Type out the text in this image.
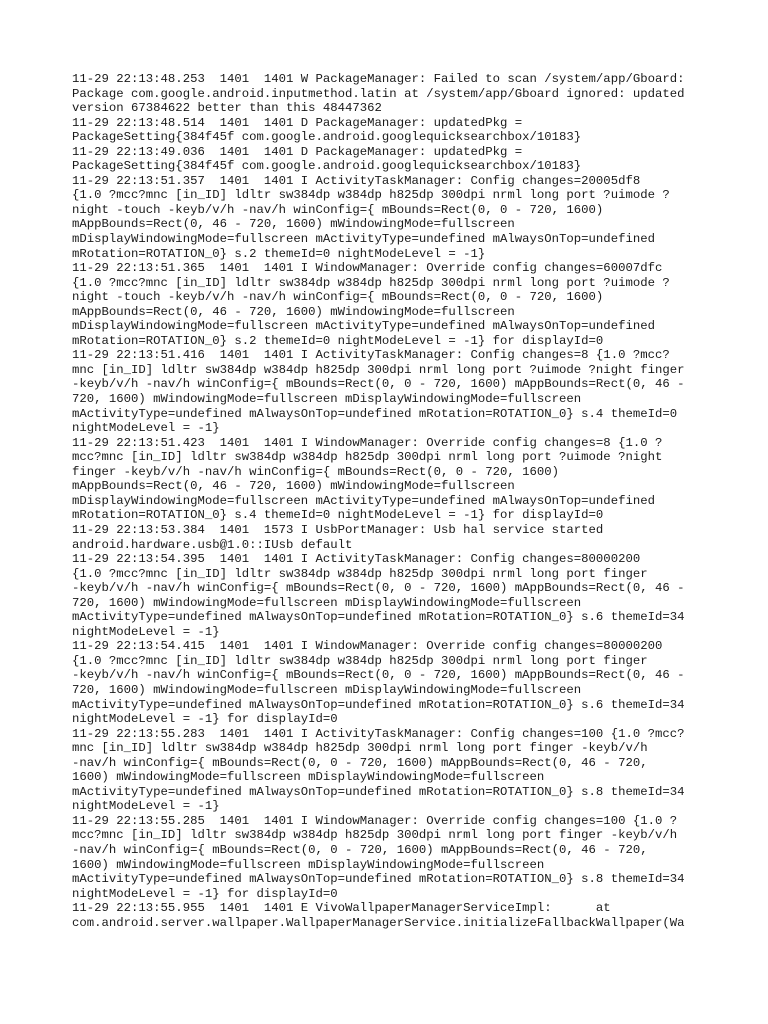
11-29 22:13:48.253  1401  1401 W PackageManager: Failed to scan /system/app/Gboard:
Package com.google.android.inputmethod.latin at /system/app/Gboard ignored: updated
version 67384622 better than this 48447362
11-29 22:13:48.514  1401  1401 D PackageManager: updatedPkg =
PackageSetting{384f45f com.google.android.googlequicksearchbox/10183}
11-29 22:13:49.036  1401  1401 D PackageManager: updatedPkg =
PackageSetting{384f45f com.google.android.googlequicksearchbox/10183}
11-29 22:13:51.357  1401  1401 I ActivityTaskManager: Config changes=20005df8
{1.0 ?mcc?mnc [in_ID] ldltr sw384dp w384dp h825dp 300dpi nrml long port ?uimode ?
night -touch -keyb/v/h -nav/h winConfig={ mBounds=Rect(0, 0 - 720, 1600)
mAppBounds=Rect(0, 46 - 720, 1600) mWindowingMode=fullscreen
mDisplayWindowingMode=fullscreen mActivityType=undefined mAlwaysOnTop=undefined
mRotation=ROTATION_0} s.2 themeId=0 nightModeLevel = -1}
11-29 22:13:51.365  1401  1401 I WindowManager: Override config changes=60007dfc
{1.0 ?mcc?mnc [in_ID] ldltr sw384dp w384dp h825dp 300dpi nrml long port ?uimode ?
night -touch -keyb/v/h -nav/h winConfig={ mBounds=Rect(0, 0 - 720, 1600)
mAppBounds=Rect(0, 46 - 720, 1600) mWindowingMode=fullscreen
mDisplayWindowingMode=fullscreen mActivityType=undefined mAlwaysOnTop=undefined
mRotation=ROTATION_0} s.2 themeId=0 nightModeLevel = -1} for displayId=0
11-29 22:13:51.416  1401  1401 I ActivityTaskManager: Config changes=8 {1.0 ?mcc?
mnc [in_ID] ldltr sw384dp w384dp h825dp 300dpi nrml long port ?uimode ?night finger
-keyb/v/h -nav/h winConfig={ mBounds=Rect(0, 0 - 720, 1600) mAppBounds=Rect(0, 46 -
720, 1600) mWindowingMode=fullscreen mDisplayWindowingMode=fullscreen
mActivityType=undefined mAlwaysOnTop=undefined mRotation=ROTATION_0} s.4 themeId=0
nightModeLevel = -1}
11-29 22:13:51.423  1401  1401 I WindowManager: Override config changes=8 {1.0 ?
mcc?mnc [in_ID] ldltr sw384dp w384dp h825dp 300dpi nrml long port ?uimode ?night
finger -keyb/v/h -nav/h winConfig={ mBounds=Rect(0, 0 - 720, 1600)
mAppBounds=Rect(0, 46 - 720, 1600) mWindowingMode=fullscreen
mDisplayWindowingMode=fullscreen mActivityType=undefined mAlwaysOnTop=undefined
mRotation=ROTATION_0} s.4 themeId=0 nightModeLevel = -1} for displayId=0
11-29 22:13:53.384  1401  1573 I UsbPortManager: Usb hal service started
android.hardware.usb@1.0::IUsb default
11-29 22:13:54.395  1401  1401 I ActivityTaskManager: Config changes=80000200
{1.0 ?mcc?mnc [in_ID] ldltr sw384dp w384dp h825dp 300dpi nrml long port finger
-keyb/v/h -nav/h winConfig={ mBounds=Rect(0, 0 - 720, 1600) mAppBounds=Rect(0, 46 -
720, 1600) mWindowingMode=fullscreen mDisplayWindowingMode=fullscreen
mActivityType=undefined mAlwaysOnTop=undefined mRotation=ROTATION_0} s.6 themeId=34
nightModeLevel = -1}
11-29 22:13:54.415  1401  1401 I WindowManager: Override config changes=80000200
{1.0 ?mcc?mnc [in_ID] ldltr sw384dp w384dp h825dp 300dpi nrml long port finger
-keyb/v/h -nav/h winConfig={ mBounds=Rect(0, 0 - 720, 1600) mAppBounds=Rect(0, 46 -
720, 1600) mWindowingMode=fullscreen mDisplayWindowingMode=fullscreen
mActivityType=undefined mAlwaysOnTop=undefined mRotation=ROTATION_0} s.6 themeId=34
nightModeLevel = -1} for displayId=0
11-29 22:13:55.283  1401  1401 I ActivityTaskManager: Config changes=100 {1.0 ?mcc?
mnc [in_ID] ldltr sw384dp w384dp h825dp 300dpi nrml long port finger -keyb/v/h
-nav/h winConfig={ mBounds=Rect(0, 0 - 720, 1600) mAppBounds=Rect(0, 46 - 720,
1600) mWindowingMode=fullscreen mDisplayWindowingMode=fullscreen
mActivityType=undefined mAlwaysOnTop=undefined mRotation=ROTATION_0} s.8 themeId=34
nightModeLevel = -1}
11-29 22:13:55.285  1401  1401 I WindowManager: Override config changes=100 {1.0 ?
mcc?mnc [in_ID] ldltr sw384dp w384dp h825dp 300dpi nrml long port finger -keyb/v/h
-nav/h winConfig={ mBounds=Rect(0, 0 - 720, 1600) mAppBounds=Rect(0, 46 - 720,
1600) mWindowingMode=fullscreen mDisplayWindowingMode=fullscreen
mActivityType=undefined mAlwaysOnTop=undefined mRotation=ROTATION_0} s.8 themeId=34
nightModeLevel = -1} for displayId=0
11-29 22:13:55.955  1401  1401 E VivoWallpaperManagerServiceImpl:      at
com.android.server.wallpaper.WallpaperManagerService.initializeFallbackWallpaper(Wa
